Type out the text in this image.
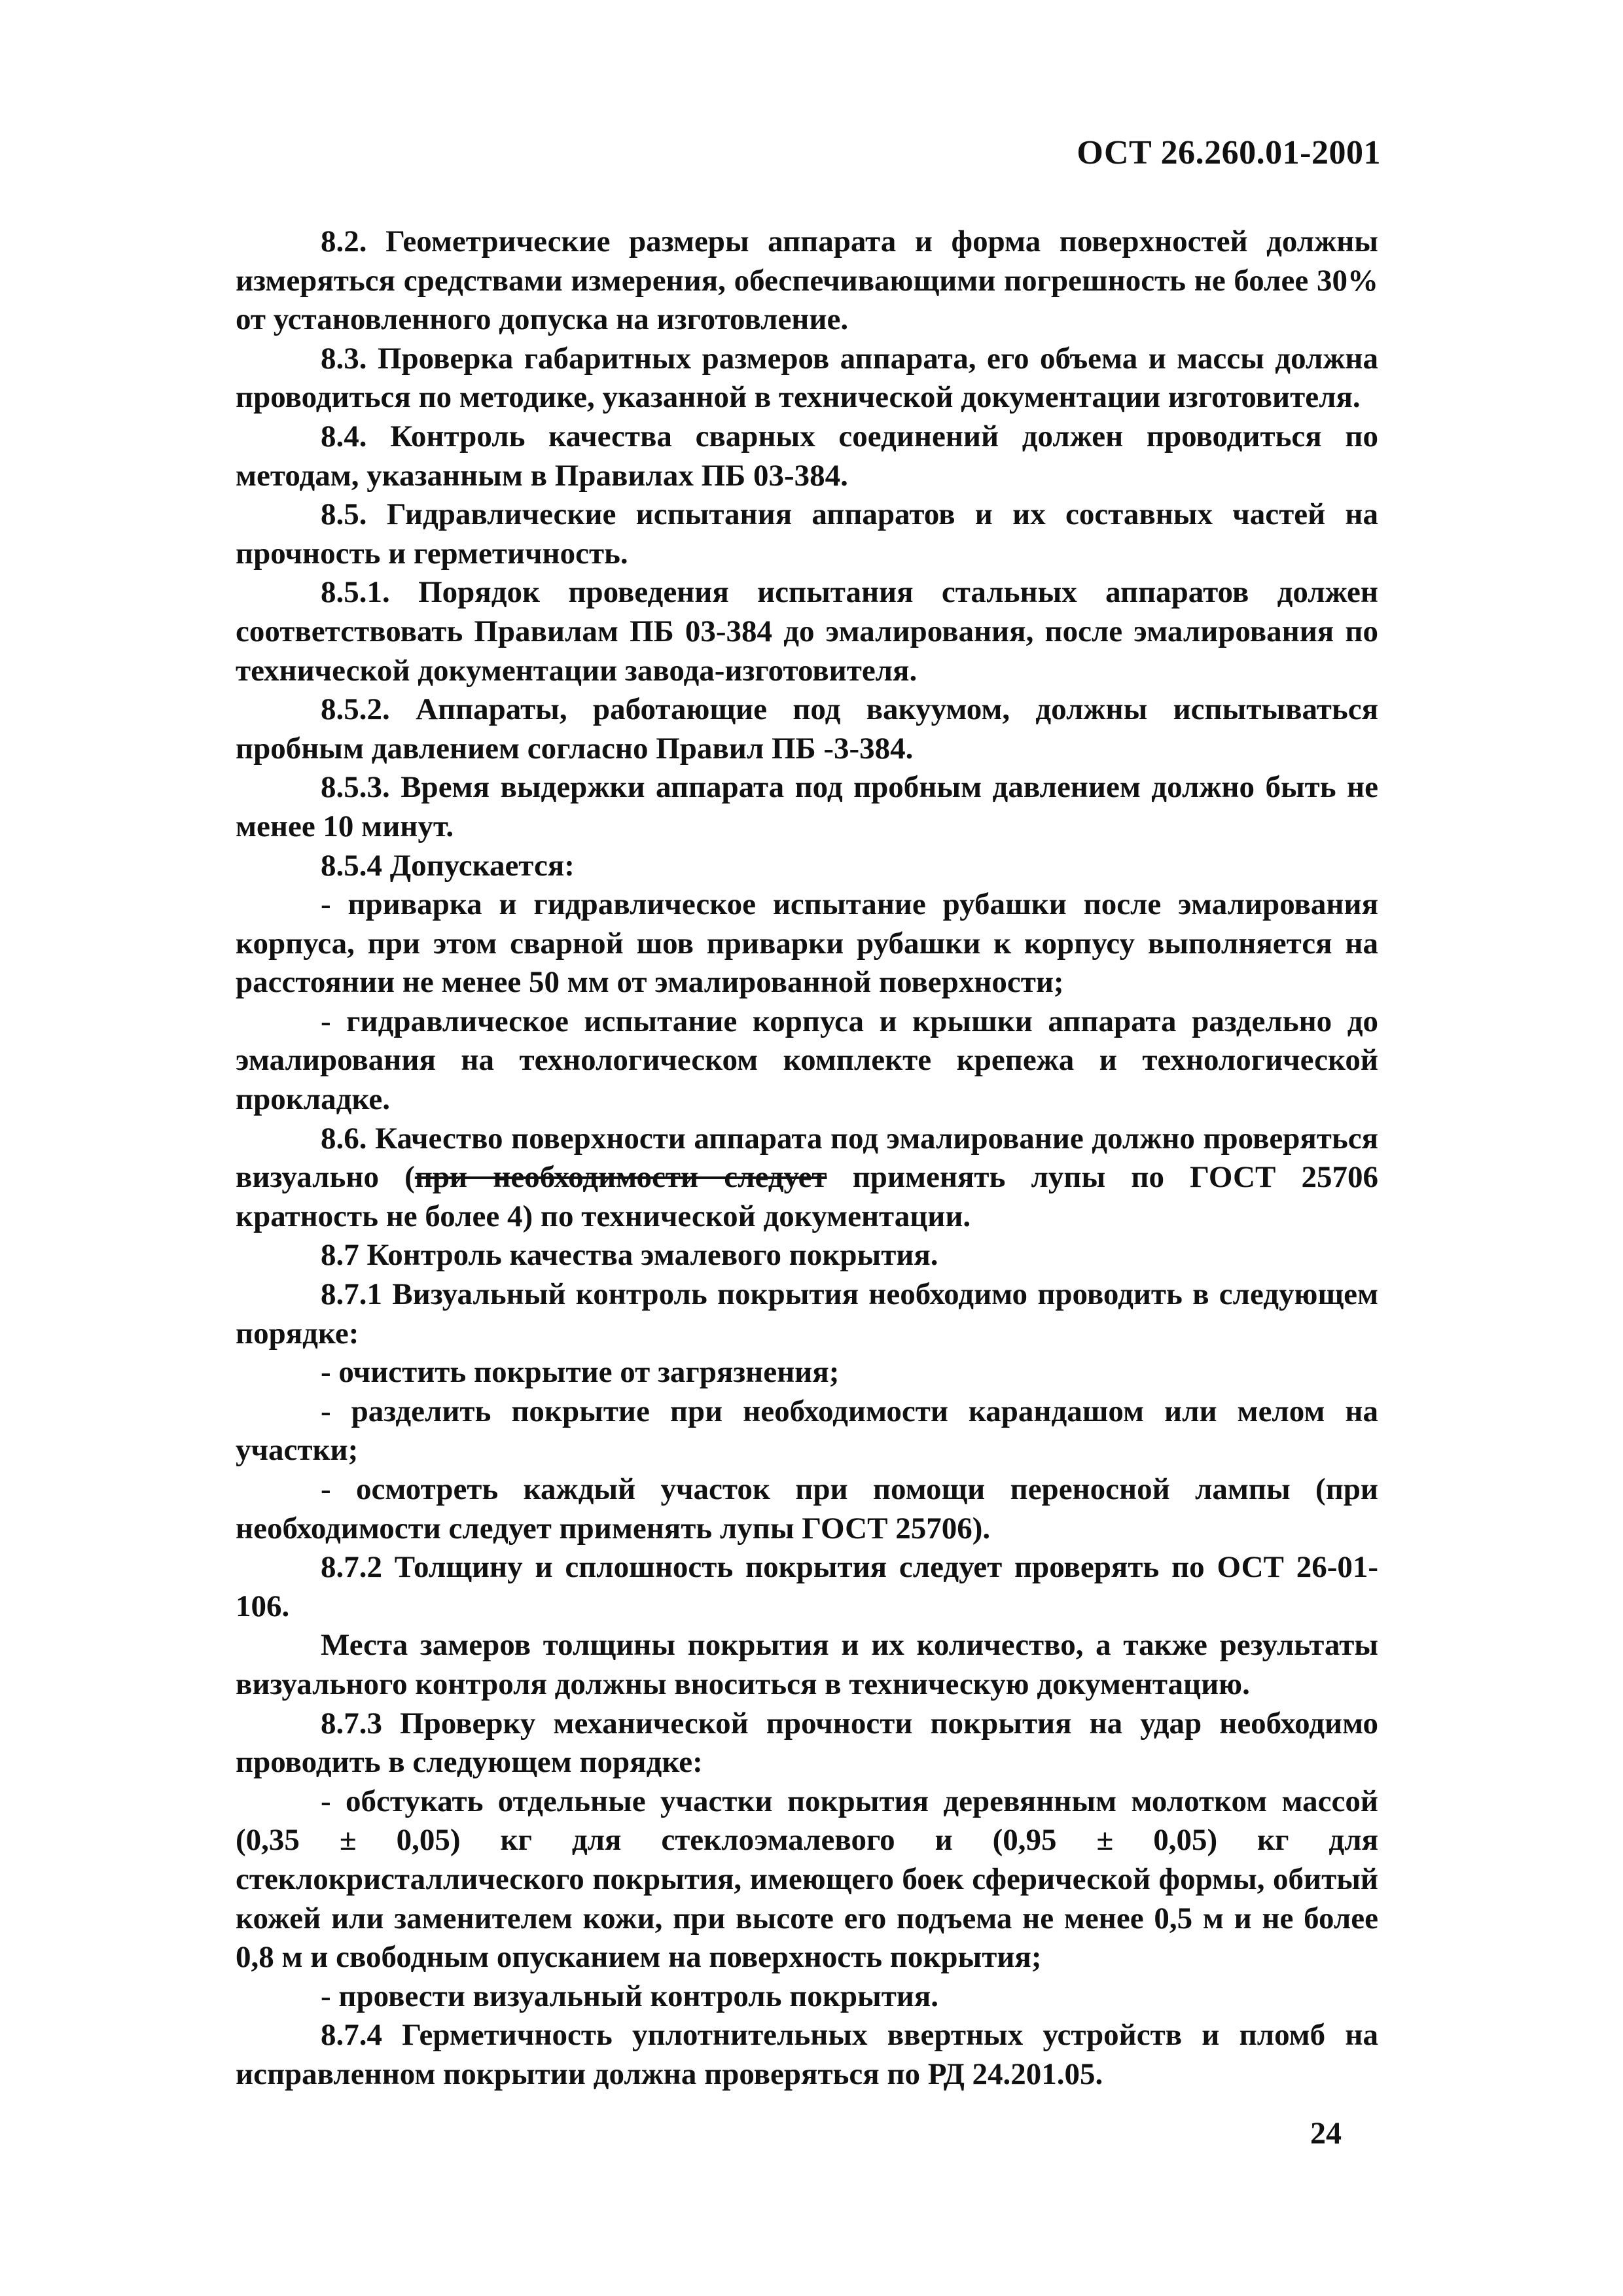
ОСТ 26.260.01-2001

8.2. Геометрические размеры аппарата и форма поверхностей должны измеряться средствами измерения, обеспечивающими погрешность не более 30% от установленного допуска на изготовление.

8.3. Проверка габаритных размеров аппарата, его объема и массы должна проводиться по методике, указанной в технической документации изготовителя.

8.4. Контроль качества сварных соединений должен проводиться по методам, указанным в Правилах ПБ 03-384.

8.5. Гидравлические испытания аппаратов и их составных частей на прочность и герметичность.

8.5.1. Порядок проведения испытания стальных аппаратов должен соответствовать Правилам ПБ 03-384 до эмалирования, после эмалирования по технической документации завода-изготовителя.

8.5.2. Аппараты, работающие под вакуумом, должны испытываться пробным давлением согласно Правил ПБ -3-384.

8.5.3. Время выдержки аппарата под пробным давлением должно быть не менее 10 минут.

8.5.4 Допускается:

- приварка и гидравлическое испытание рубашки после эмалирования корпуса, при этом сварной шов приварки рубашки к корпусу выполняется на расстоянии не менее 50 мм от эмалированной поверхности;

- гидравлическое испытание корпуса и крышки аппарата раздельно до эмалирования на технологическом комплекте крепежа и технологической прокладке.

8.6. Качество поверхности аппарата под эмалирование должно проверяться визуально (при необходимости следует применять лупы по ГОСТ 25706 кратность не более 4) по технической документации.

8.7 Контроль качества эмалевого покрытия.

8.7.1 Визуальный контроль покрытия необходимо проводить в следующем порядке:

- очистить покрытие от загрязнения;

- разделить покрытие при необходимости карандашом или мелом на участки;

- осмотреть каждый участок при помощи переносной лампы (при необходимости следует применять лупы ГОСТ 25706).

8.7.2 Толщину и сплошность покрытия следует проверять по ОСТ 26-01-106.

Места замеров толщины покрытия и их количество, а также результаты визуального контроля должны вноситься в техническую документацию.

8.7.3 Проверку механической прочности покрытия на удар необходимо проводить в следующем порядке:

- обстукать отдельные участки покрытия деревянным молотком массой (0,35 ± 0,05) кг для стеклоэмалевого и (0,95 ± 0,05) кг для стеклокристаллического покрытия, имеющего боек сферической формы, обитый кожей или заменителем кожи, при высоте его подъема не менее 0,5 м и не более 0,8 м и свободным опусканием на поверхность покрытия;

- провести визуальный контроль покрытия.

8.7.4 Герметичность уплотнительных ввертных устройств и пломб на исправленном покрытии должна проверяться по РД 24.201.05.

24
